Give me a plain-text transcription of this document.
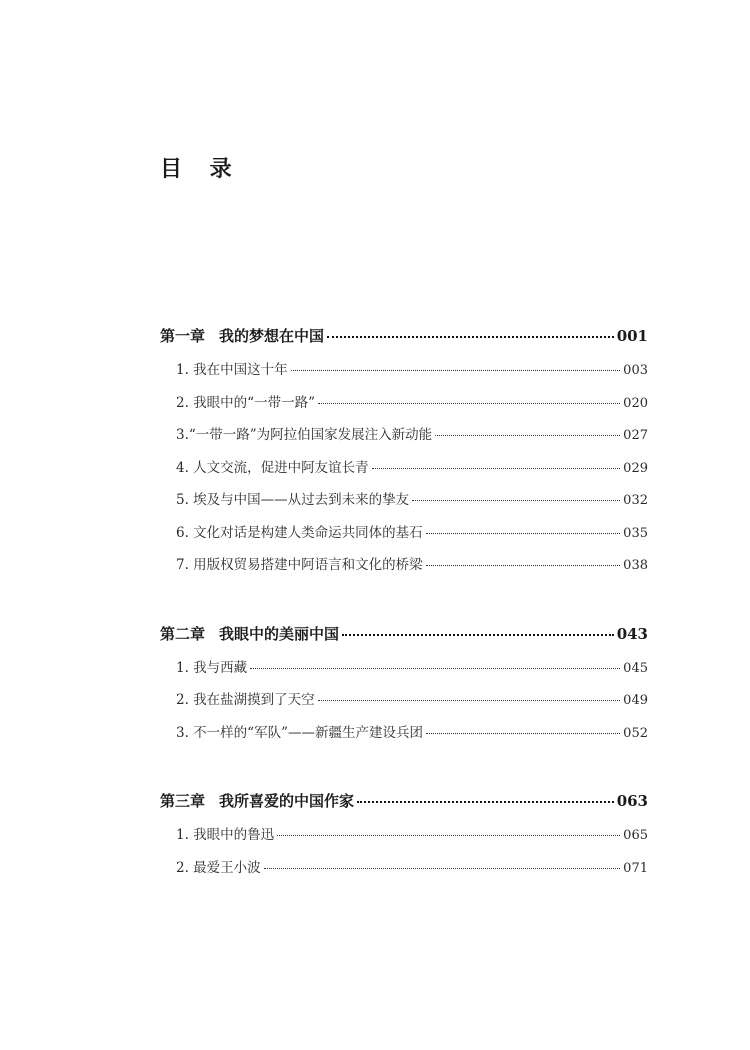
目 录
第一章 我的梦想在中国	001
1. 我在中国这十年	003
2. 我眼中的“一带一路”	020
3.“一带一路”为阿拉伯国家发展注入新动能	027
4. 人文交流，促进中阿友谊长青	029
5. 埃及与中国——从过去到未来的挚友	032
6. 文化对话是构建人类命运共同体的基石	035
7. 用版权贸易搭建中阿语言和文化的桥梁	038
第二章 我眼中的美丽中国	043
1. 我与西藏	045
2. 我在盐湖摸到了天空	049
3. 不一样的“军队”——新疆生产建设兵团	052
第三章 我所喜爱的中国作家	063
1. 我眼中的鲁迅	065
2. 最爱王小波	071
